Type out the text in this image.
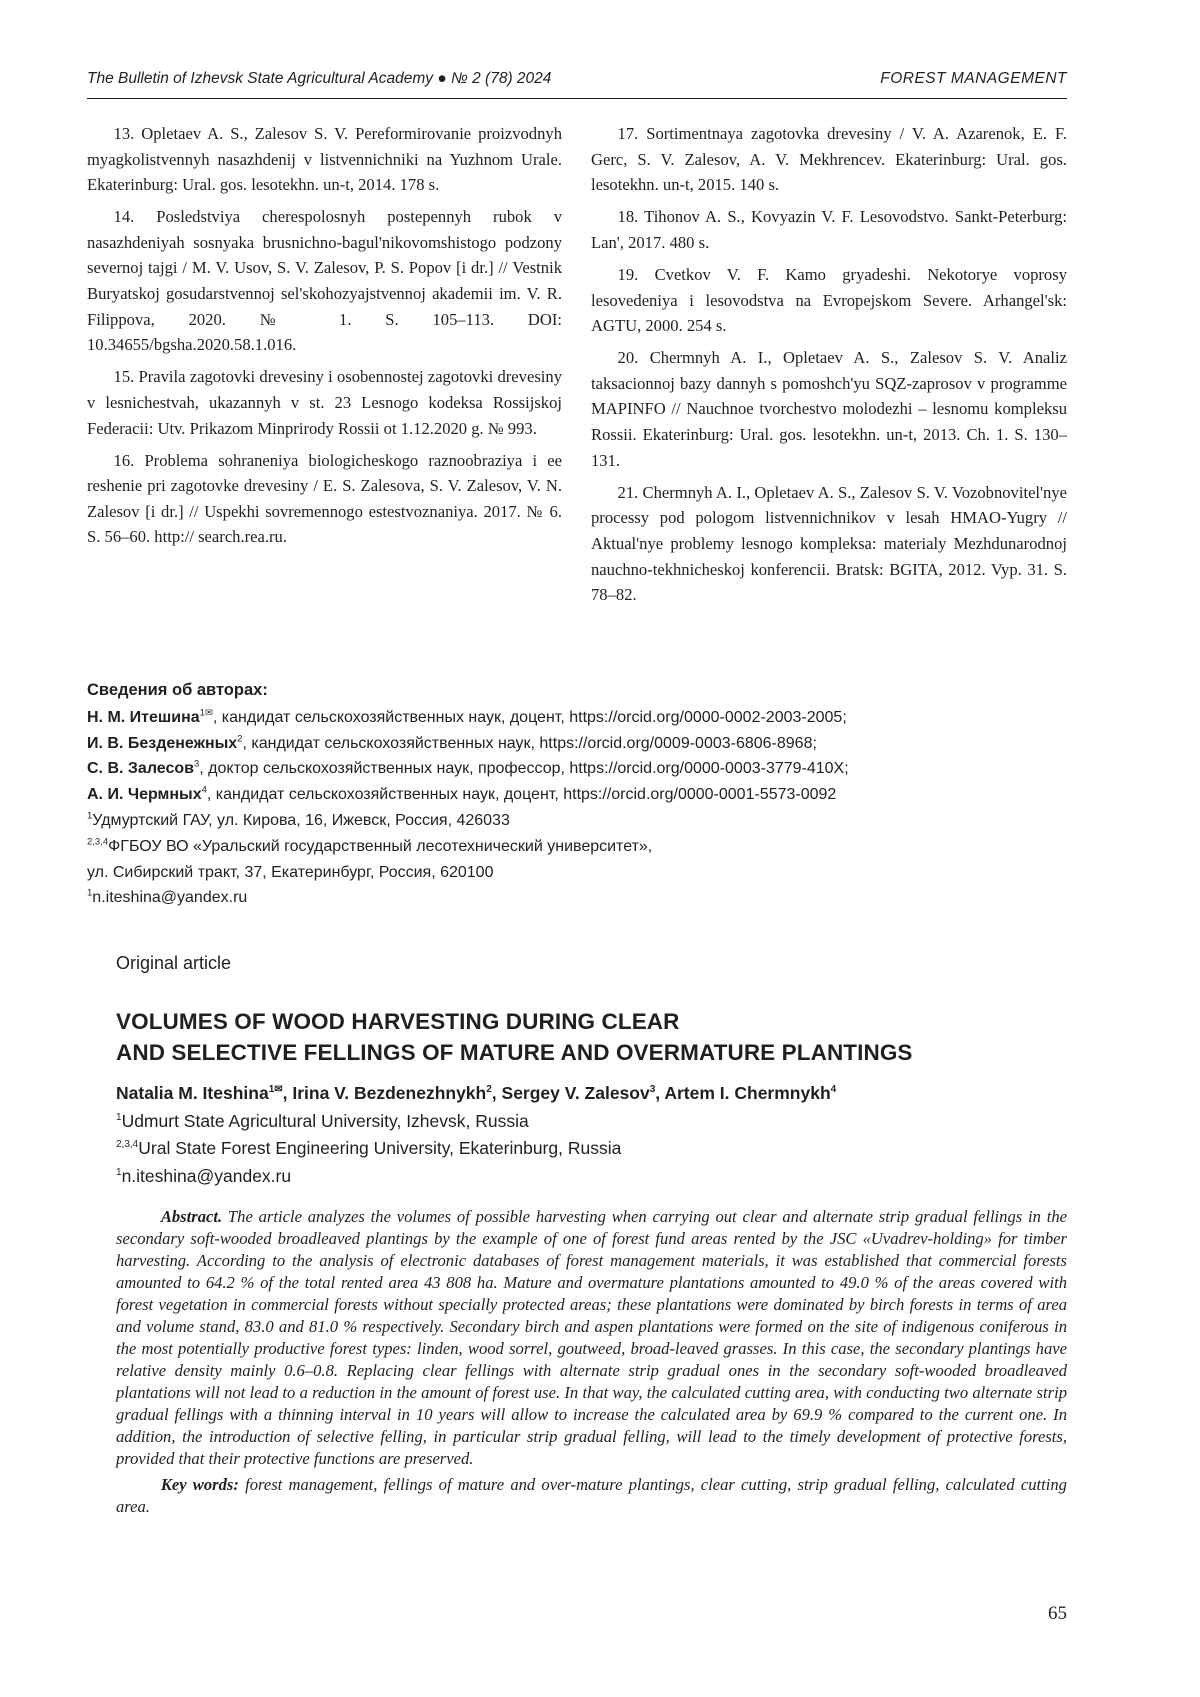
The Bulletin of Izhevsk State Agricultural Academy ● № 2 (78) 2024	FOREST MANAGEMENT

13. Opletaev A. S., Zalesov S. V. Pereformirovanie proizvodnyh myagkolistvennyh nasazhdenij v listvennichniki na Yuzhnom Urale. Ekaterinburg: Ural. gos. lesotekhn. un-t, 2014. 178 s.

14. Posledstviya cherespolosnyh postepennyh rubok v nasazhdeniyah sosnyaka brusnichno-bagul'nikovomshistogo podzony severnoj tajgi / M. V. Usov, S. V. Zalesov, P. S. Popov [i dr.] // Vestnik Buryatskoj gosudarstvennoj sel'skohozyajstvennoj akademii im. V. R. Filippova, 2020. № 1. S. 105–113. DOI: 10.34655/bgsha.2020.58.1.016.

15. Pravila zagotovki drevesiny i osobennostej zagotovki drevesiny v lesnichestvah, ukazannyh v st. 23 Lesnogo kodeksa Rossijskoj Federacii: Utv. Prikazom Minprirody Rossii ot 1.12.2020 g. № 993.

16. Problema sohraneniya biologicheskogo raznoobraziya i ee reshenie pri zagotovke drevesiny / E. S. Zalesova, S. V. Zalesov, V. N. Zalesov [i dr.] // Uspekhi sovremennogo estestvoznaniya. 2017. № 6. S. 56–60. http:// search.rea.ru.

17. Sortimentnaya zagotovka drevesiny / V. A. Azarenok, E. F. Gerc, S. V. Zalesov, A. V. Mekhrencev. Ekaterinburg: Ural. gos. lesotekhn. un-t, 2015. 140 s.

18. Tihonov A. S., Kovyazin V. F. Lesovodstvo. Sankt-Peterburg: Lan', 2017. 480 s.

19. Cvetkov V. F. Kamo gryadeshi. Nekotorye voprosy lesovedeniya i lesovodstva na Evropejskom Severe. Arhangel'sk: AGTU, 2000. 254 s.

20. Chermnyh A. I., Opletaev A. S., Zalesov S. V. Analiz taksacionnoj bazy dannyh s pomoshch'yu SQZ-zaprosov v programme MAPINFO // Nauchnoe tvorchestvo molodezhi – lesnomu kompleksu Rossii. Ekaterinburg: Ural. gos. lesotekhn. un-t, 2013. Ch. 1. S. 130–131.

21. Chermnyh A. I., Opletaev A. S., Zalesov S. V. Vozobnovitel'nye processy pod pologom listvennichnikov v lesah HMAO-Yugry // Aktual'nye problemy lesnogo kompleksa: materialy Mezhdunarodnoj nauchno-tekhnicheskoj konferencii. Bratsk: BGITA, 2012. Vyp. 31. S. 78–82.

Сведения об авторах:
Н. М. Итешина$^{1✉}$, кандидат сельскохозяйственных наук, доцент, https://orcid.org/0000-0002-2003-2005;
И. В. Безденежных$^2$, кандидат сельскохозяйственных наук, https://orcid.org/0009-0003-6806-8968;
С. В. Залесов$^3$, доктор сельскохозяйственных наук, профессор, https://orcid.org/0000-0003-3779-410X;
А. И. Чермных$^4$, кандидат сельскохозяйственных наук, доцент, https://orcid.org/0000-0001-5573-0092
$^1$Удмуртский ГАУ, ул. Кирова, 16, Ижевск, Россия, 426033
$^{2,3,4}$ФГБОУ ВО «Уральский государственный лесотехнический университет»,
ул. Сибирский тракт, 37, Екатеринбург, Россия, 620100
$^1$n.iteshina@yandex.ru
Original article
VOLUMES OF WOOD HARVESTING DURING CLEAR
AND SELECTIVE FELLINGS OF MATURE AND OVERMATURE PLANTINGS
Natalia M. Iteshina$^{1✉}$, Irina V. Bezdenezhnykh$^2$, Sergey V. Zalesov$^3$, Artem I. Chermnykh$^4$
$^1$Udmurt State Agricultural University, Izhevsk, Russia
$^{2,3,4}$Ural State Forest Engineering University, Ekaterinburg, Russia
$^1$n.iteshina@yandex.ru

Abstract. The article analyzes the volumes of possible harvesting when carrying out clear and alternate strip gradual fellings in the secondary soft-wooded broadleaved plantings by the example of one of forest fund areas rented by the JSC «Uvadrev-holding» for timber harvesting. According to the analysis of electronic databases of forest management materials, it was established that commercial forests amounted to 64.2 % of the total rented area 43 808 ha. Mature and overmature plantations amounted to 49.0 % of the areas covered with forest vegetation in commercial forests without specially protected areas; these plantations were dominated by birch forests in terms of area and volume stand, 83.0 and 81.0 % respectively. Secondary birch and aspen plantations were formed on the site of indigenous coniferous in the most potentially productive forest types: linden, wood sorrel, goutweed, broad-leaved grasses. In this case, the secondary plantings have relative density mainly 0.6–0.8. Replacing clear fellings with alternate strip gradual ones in the secondary soft-wooded broadleaved plantations will not lead to a reduction in the amount of forest use. In that way, the calculated cutting area, with conducting two alternate strip gradual fellings with a thinning interval in 10 years will allow to increase the calculated area by 69.9 % compared to the current one. In addition, the introduction of selective felling, in particular strip gradual felling, will lead to the timely development of protective forests, provided that their protective functions are preserved.

Key words: forest management, fellings of mature and over-mature plantings, clear cutting, strip gradual felling, calculated cutting area.

65
